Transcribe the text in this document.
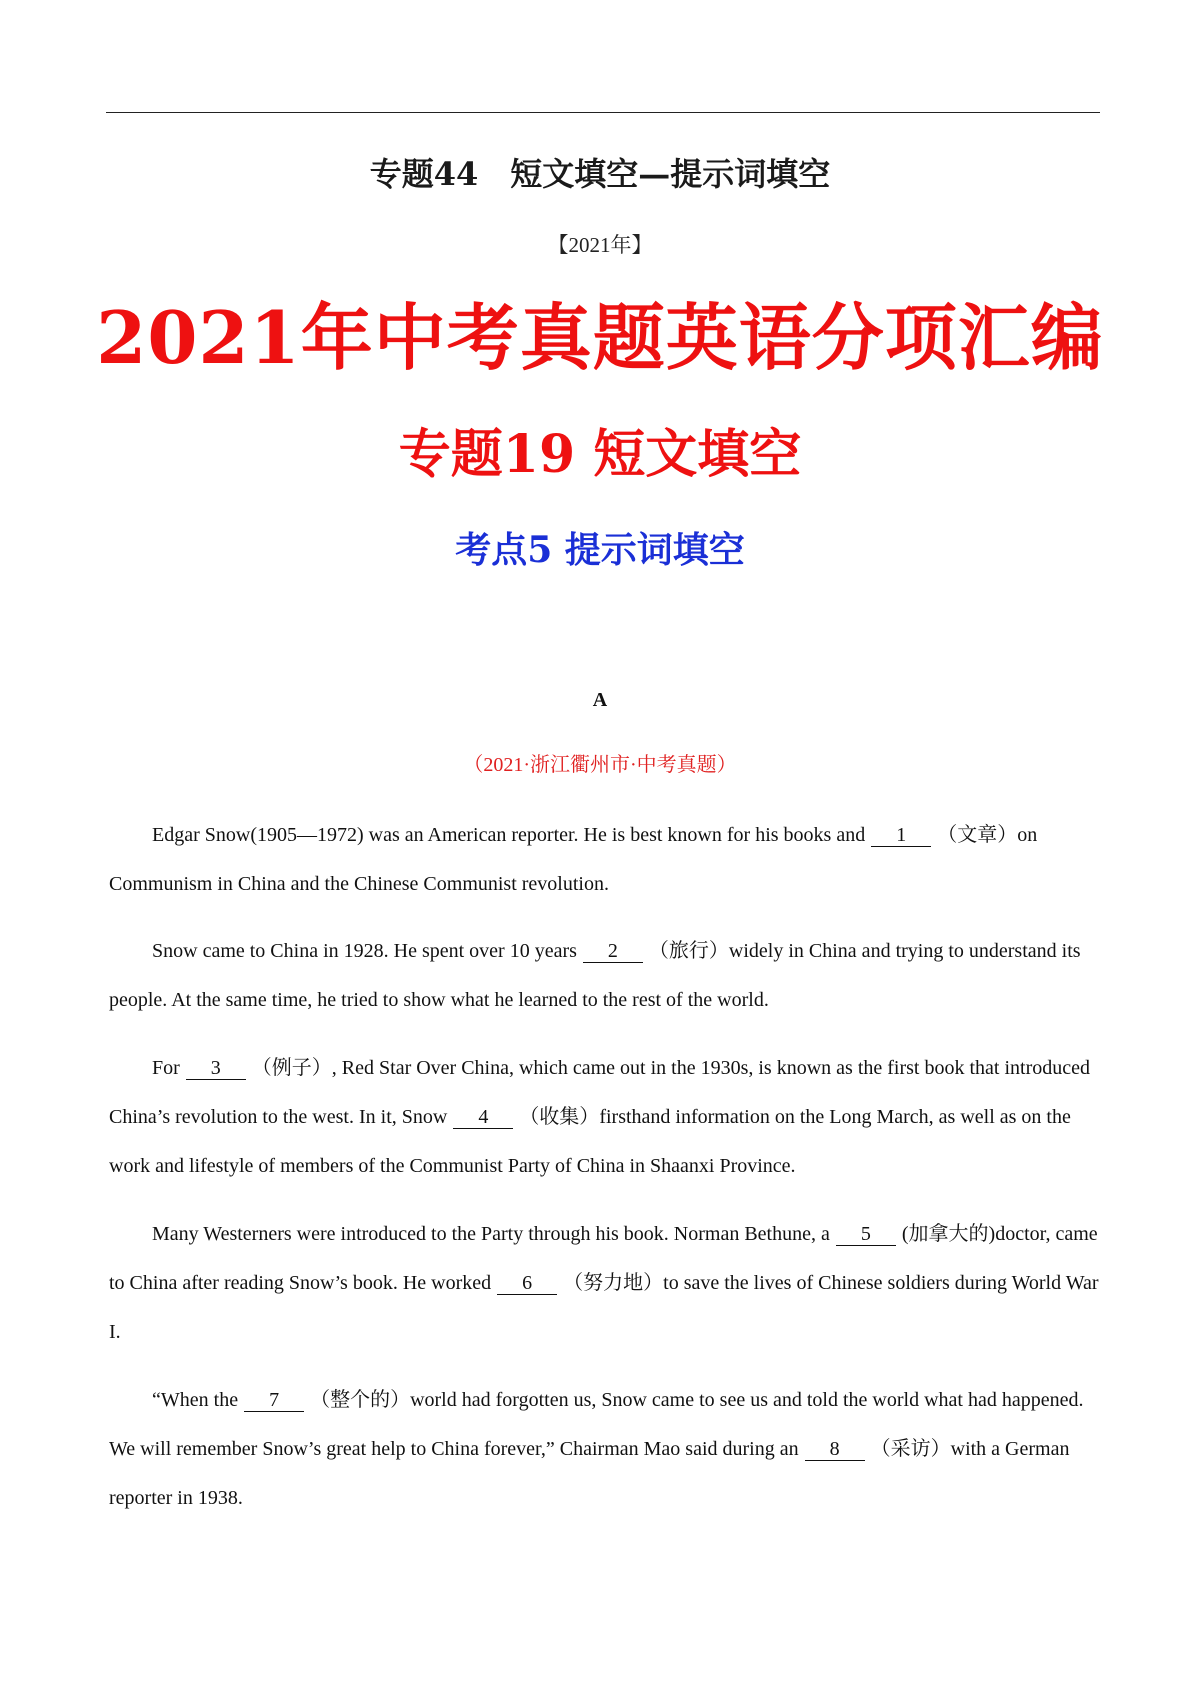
专题44　短文填空—提示词填空
【2021年】
2021年中考真题英语分项汇编
专题19 短文填空
考点5 提示词填空
A
（2021·浙江衢州市·中考真题）

Edgar Snow(1905—1972) was an American reporter. He is best known for his books and 1 （文章）on Communism in China and the Chinese Communist revolution.

Snow came to China in 1928. He spent over 10 years 2 （旅行）widely in China and trying to understand its people. At the same time, he tried to show what he learned to the rest of the world.

For 3 （例子）, Red Star Over China, which came out in the 1930s, is known as the first book that introduced China’s revolution to the west. In it, Snow 4 （收集）firsthand information on the Long March, as well as on the work and lifestyle of members of the Communist Party of China in Shaanxi Province.

Many Westerners were introduced to the Party through his book. Norman Bethune, a 5 (加拿大的)doctor, came to China after reading Snow’s book. He worked 6 （努力地）to save the lives of Chinese soldiers during World War I.

“When the 7 （整个的）world had forgotten us, Snow came to see us and told the world what had happened. We will remember Snow’s great help to China forever,” Chairman Mao said during an 8 （采访）with a German reporter in 1938.
